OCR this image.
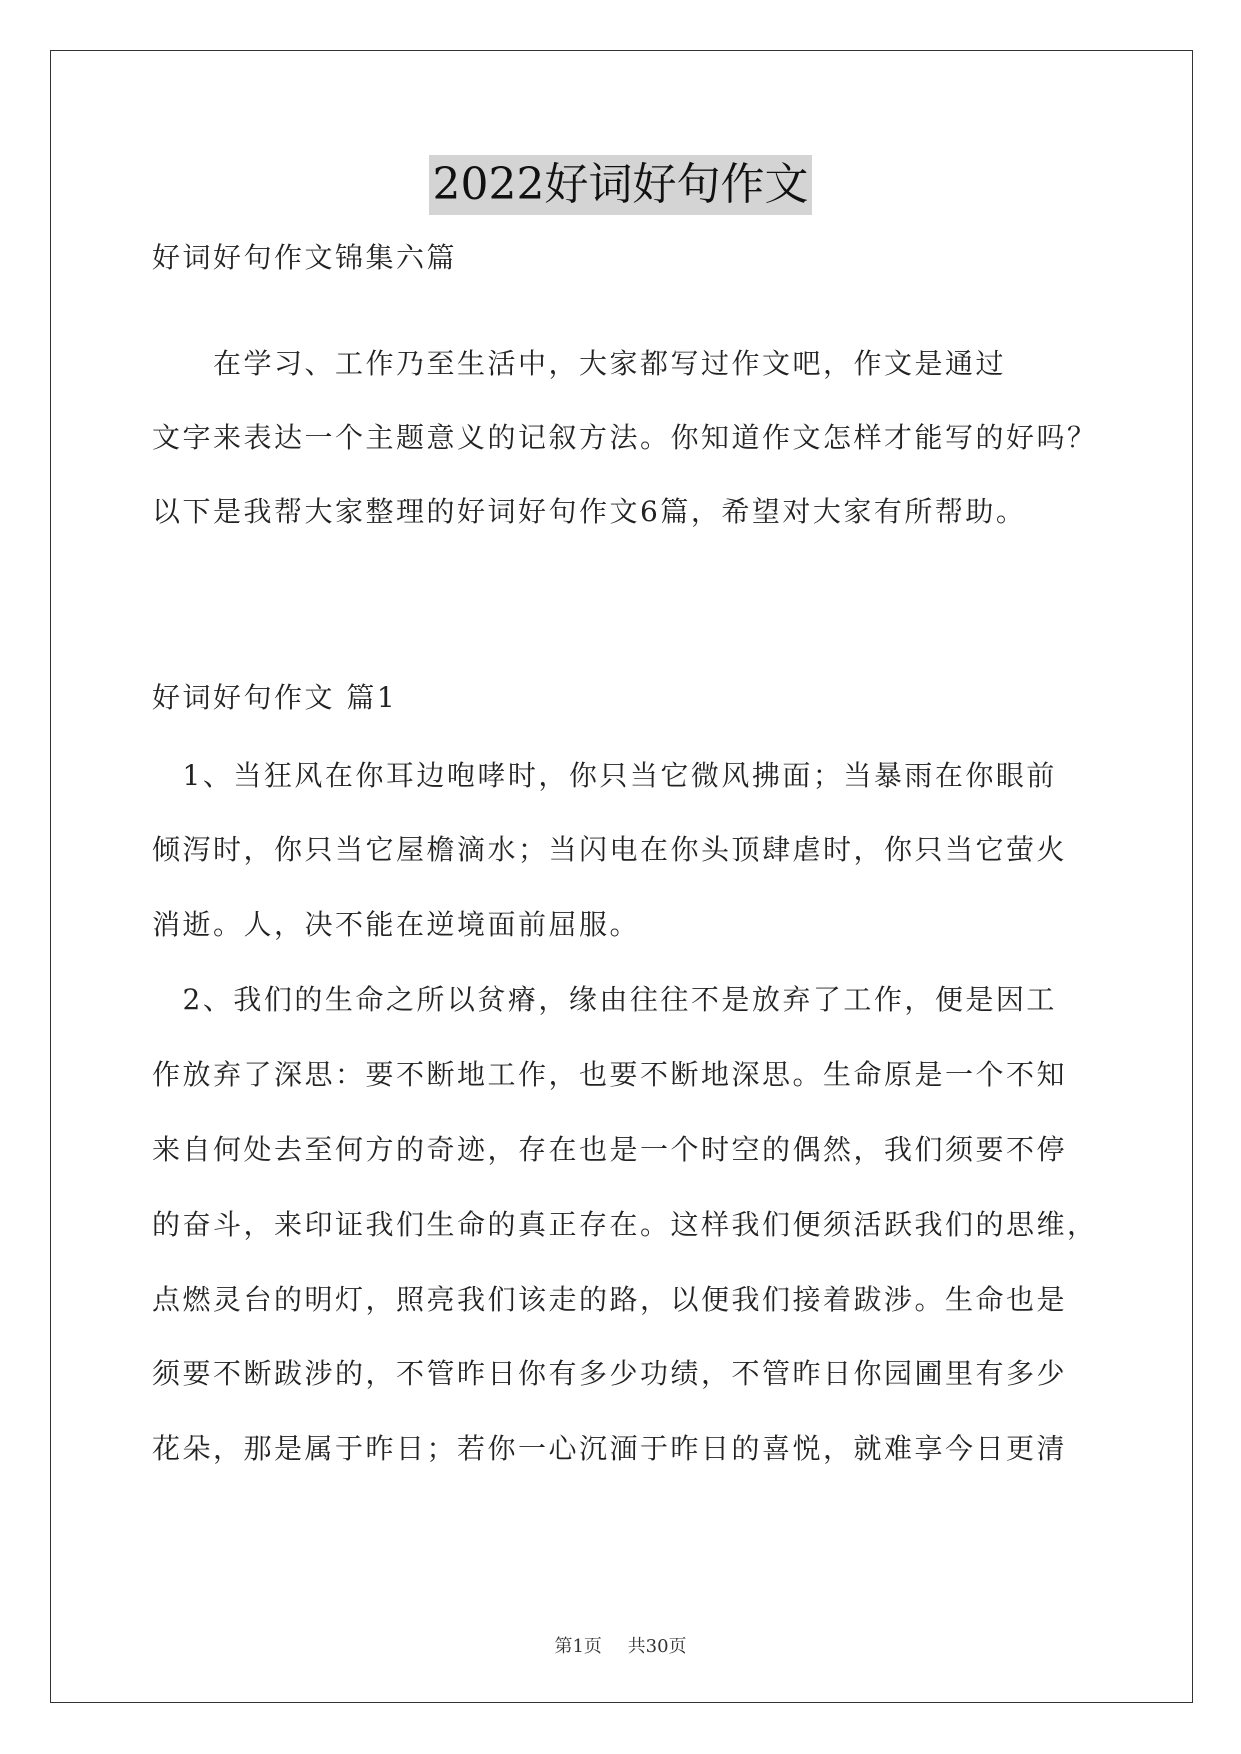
2022好词好句作文
好词好句作文锦集六篇
　　在学习、工作乃至生活中，大家都写过作文吧，作文是通过
文字来表达一个主题意义的记叙方法。你知道作文怎样才能写的好吗？
以下是我帮大家整理的好词好句作文6篇，希望对大家有所帮助。
好词好句作文 篇1
　1、当狂风在你耳边咆哮时，你只当它微风拂面；当暴雨在你眼前
倾泻时，你只当它屋檐滴水；当闪电在你头顶肆虐时，你只当它萤火
消逝。人，决不能在逆境面前屈服。
　2、我们的生命之所以贫瘠，缘由往往不是放弃了工作，便是因工
作放弃了深思：要不断地工作，也要不断地深思。生命原是一个不知
来自何处去至何方的奇迹，存在也是一个时空的偶然，我们须要不停
的奋斗，来印证我们生命的真正存在。这样我们便须活跃我们的思维，
点燃灵台的明灯，照亮我们该走的路，以便我们接着跋涉。生命也是
须要不断跋涉的，不管昨日你有多少功绩，不管昨日你园圃里有多少
花朵，那是属于昨日；若你一心沉湎于昨日的喜悦，就难享今日更清
第1页 共30页
